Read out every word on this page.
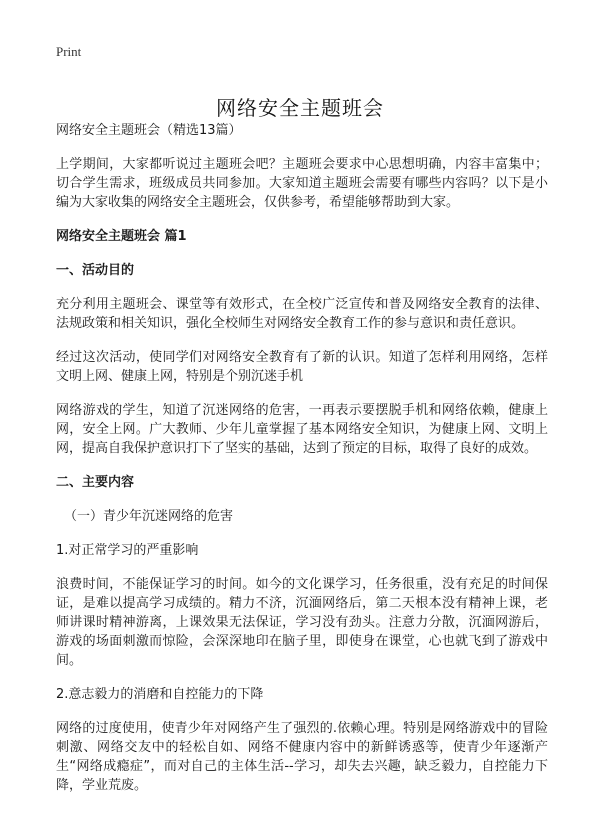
Print
网络安全主题班会
网络安全主题班会（精选13篇）
上学期间，大家都听说过主题班会吧？主题班会要求中心思想明确，内容丰富集中；切合学生需求，班级成员共同参加。大家知道主题班会需要有哪些内容吗？以下是小编为大家收集的网络安全主题班会，仅供参考，希望能够帮助到大家。
网络安全主题班会 篇1
一、活动目的
充分利用主题班会、课堂等有效形式，在全校广泛宣传和普及网络安全教育的法律、法规政策和相关知识，强化全校师生对网络安全教育工作的参与意识和责任意识。
经过这次活动，使同学们对网络安全教育有了新的认识。知道了怎样利用网络，怎样文明上网、健康上网，特别是个别沉迷手机
网络游戏的学生，知道了沉迷网络的危害，一再表示要摆脱手机和网络依赖，健康上网，安全上网。广大教师、少年儿童掌握了基本网络安全知识，为健康上网、文明上网，提高自我保护意识打下了坚实的基础，达到了预定的目标，取得了良好的成效。
二、主要内容
（一）青少年沉迷网络的危害
1.对正常学习的严重影响
浪费时间，不能保证学习的时间。如今的文化课学习，任务很重，没有充足的时间保证，是难以提高学习成绩的。精力不济，沉湎网络后，第二天根本没有精神上课，老师讲课时精神游离，上课效果无法保证，学习没有劲头。注意力分散，沉湎网游后，游戏的场面刺激而惊险，会深深地印在脑子里，即使身在课堂，心也就飞到了游戏中间。
2.意志毅力的消磨和自控能力的下降
网络的过度使用，使青少年对网络产生了强烈的.依赖心理。特别是网络游戏中的冒险刺激、网络交友中的轻松自如、网络不健康内容中的新鲜诱惑等，使青少年逐渐产生“网络成瘾症”，而对自己的主体生活--学习，却失去兴趣，缺乏毅力，自控能力下降，学业荒废。
